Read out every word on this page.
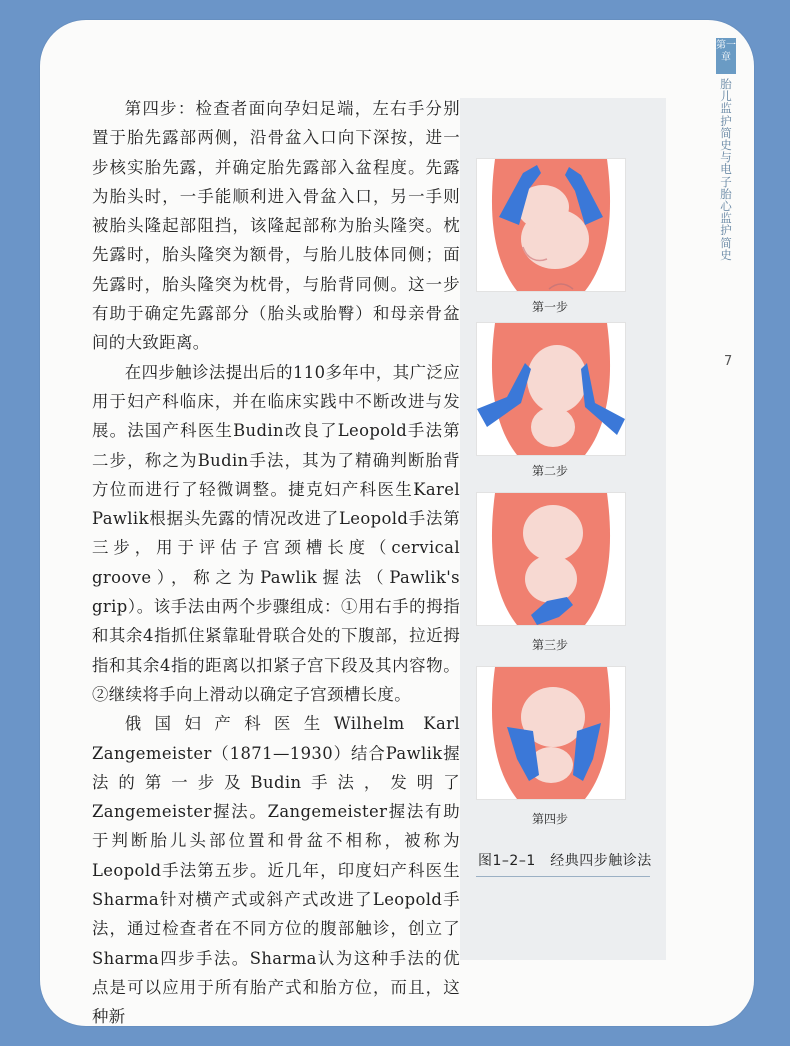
第四步：检查者面向孕妇足端，左右手分别置于胎先露部两侧，沿骨盆入口向下深按，进一步核实胎先露，并确定胎先露部入盆程度。先露为胎头时，一手能顺利进入骨盆入口，另一手则被胎头隆起部阻挡，该隆起部称为胎头隆突。枕先露时，胎头隆突为额骨，与胎儿肢体同侧；面先露时，胎头隆突为枕骨，与胎背同侧。这一步有助于确定先露部分（胎头或胎臀）和母亲骨盆间的大致距离。

在四步触诊法提出后的110多年中，其广泛应用于妇产科临床，并在临床实践中不断改进与发展。法国产科医生Budin改良了Leopold手法第二步，称之为Budin手法，其为了精确判断胎背方位而进行了轻微调整。捷克妇产科医生Karel Pawlik根据头先露的情况改进了Leopold手法第三步，用于评估子宫颈槽长度（cervical groove），称之为Pawlik握法（Pawlik's grip）。该手法由两个步骤组成：①用右手的拇指和其余4指抓住紧靠耻骨联合处的下腹部，拉近拇指和其余4指的距离以扣紧子宫下段及其内容物。②继续将手向上滑动以确定子宫颈槽长度。

俄国妇产科医生Wilhelm Karl Zangemeister（1871—1930）结合Pawlik握法的第一步及Budin手法，发明了Zangemeister握法。Zangemeister握法有助于判断胎儿头部位置和骨盆不相称，被称为Leopold手法第五步。近几年，印度妇产科医生Sharma针对横产式或斜产式改进了Leopold手法，通过检查者在不同方位的腹部触诊，创立了Sharma四步手法。Sharma认为这种手法的优点是可以应用于所有胎产式和胎方位，而且，这种新

第一步
第二步
第三步
第四步
图1–2–1　经典四步触诊法
第一章
胎儿监护简史与电子胎心监护简史
7
